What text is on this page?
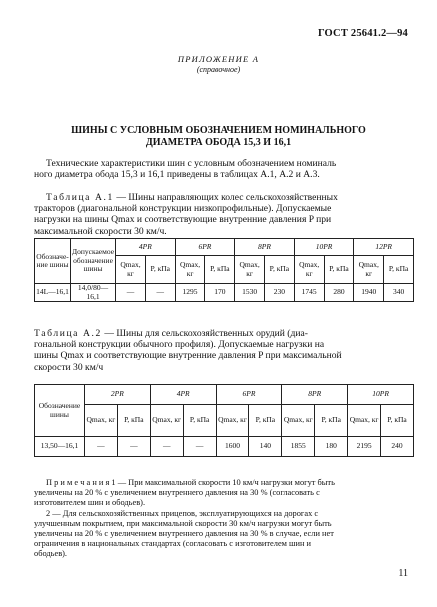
ГОСТ 25641.2—94
ПРИЛОЖЕНИЕ А
(справочное)
ШИНЫ С УСЛОВНЫМ ОБОЗНАЧЕНИЕМ НОМИНАЛЬНОГО
ДИАМЕТРА ОБОДА 15,3 И 16,1
Технические характеристики шин с условным обозначением номиналь
ного диаметра обода 15,3 и 16,1 приведены в таблицах А.1, А.2 и А.3.
Таблица А.1 — Шины направляющих колес сельскохозяйственных
тракторов (диагональной конструкции низкопрофильные). Допускаемые
нагрузки на шины Qmax и соответствующие внутренние давления P при
максимальной скорости 30 км/ч.
Обозначе- ние шины	Допускаемое обозначение шины	4PR		6PR		8PR		10PR		12PR	
		Qmax, кг	P, кПа	Qmax, кг	P, кПа	Qmax, кг	P, кПа	Qmax, кг	P, кПа	Qmax, кг	P, кПа
14L—16,1	14,0/80—16,1	—	—	1295	170	1530	230	1745	280	1940	340
Таблица А.2 — Шины для сельскохозяйственных орудий (диа-
гональной конструкции обычного профиля). Допускаемые нагрузки на
шины Qmax и соответствующие внутренние давления P при максимальной
скорости 30 км/ч
Обозначение шины	2PR		4PR		6PR		8PR		10PR	
	Qmax, кг	P, кПа	Qmax, кг	P, кПа	Qmax, кг	P, кПа	Qmax, кг	P, кПа	Qmax, кг	P, кПа
13,50—16,1	—	—	—	—	1600	140	1855	180	2195	240
П р и м е ч а н и я 1 — При максимальной скорости 10 км/ч нагрузки могут быть
увеличены на 20 % с увеличением внутреннего давления на 30 % (согласовать с
изготовителем шин и ободьев).
2 — Для сельскохозяйственных прицепов, эксплуатирующихся на дорогах с
улучшенным покрытием, при максимальной скорости 30 км/ч нагрузки могут быть
увеличены на 20 % с увеличением внутреннего давления на 30 % в случае, если нет
ограничения в национальных стандартах (согласовать с изготовителем шин и
ободьев).
11
